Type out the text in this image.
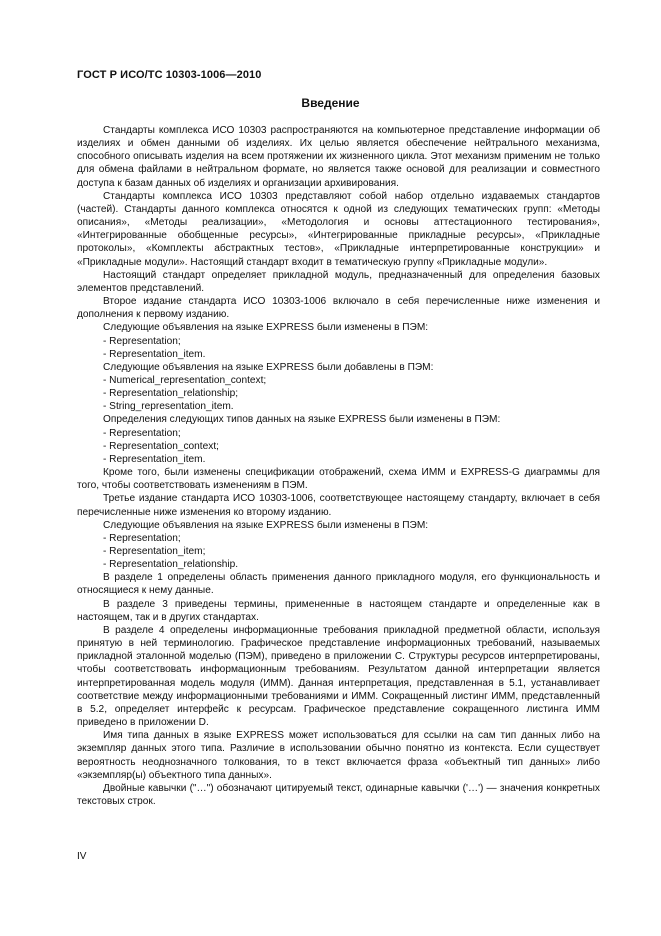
ГОСТ Р ИСО/ТС 10303-1006—2010
Введение

Стандарты комплекса ИСО 10303 распространяются на компьютерное представление информации об изделиях и обмен данными об изделиях. Их целью является обеспечение нейтрального механизма, способного описывать изделия на всем протяжении их жизненного цикла. Этот механизм применим не только для обмена файлами в нейтральном формате, но является также основой для реализации и совместного доступа к базам данных об изделиях и организации архивирования.

Стандарты комплекса ИСО 10303 представляют собой набор отдельно издаваемых стандартов (частей). Стандарты данного комплекса относятся к одной из следующих тематических групп: «Методы описания», «Методы реализации», «Методология и основы аттестационного тестирования», «Интегрированные обобщенные ресурсы», «Интегрированные прикладные ресурсы», «Прикладные протоколы», «Комплекты абстрактных тестов», «Прикладные интерпретированные конструкции» и «Прикладные модули». Настоящий стандарт входит в тематическую группу «Прикладные модули».

Настоящий стандарт определяет прикладной модуль, предназначенный для определения базовых элементов представлений.

Второе издание стандарта ИСО 10303-1006 включало в себя перечисленные ниже изменения и дополнения к первому изданию.

Следующие объявления на языке EXPRESS были изменены в ПЭМ:

- Representation;

- Representation_item.

Следующие объявления на языке EXPRESS были добавлены в ПЭМ:

- Numerical_representation_context;

- Representation_relationship;

- String_representation_item.

Определения следующих типов данных на языке EXPRESS были изменены в ПЭМ:

- Representation;

- Representation_context;

- Representation_item.

Кроме того, были изменены спецификации отображений, схема ИММ и EXPRESS-G диаграммы для того, чтобы соответствовать изменениям в ПЭМ.

Третье издание стандарта ИСО 10303-1006, соответствующее настоящему стандарту, включает в себя перечисленные ниже изменения ко второму изданию.

Следующие объявления на языке EXPRESS были изменены в ПЭМ:

- Representation;

- Representation_item;

- Representation_relationship.

В разделе 1 определены область применения данного прикладного модуля, его функциональность и относящиеся к нему данные.

В разделе 3 приведены термины, примененные в настоящем стандарте и определенные как в настоящем, так и в других стандартах.

В разделе 4 определены информационные требования прикладной предметной области, используя принятую в ней терминологию. Графическое представление информационных требований, называемых прикладной эталонной моделью (ПЭМ), приведено в приложении С. Структуры ресурсов интерпретированы, чтобы соответствовать информационным требованиям. Результатом данной интерпретации является интерпретированная модель модуля (ИММ). Данная интерпретация, представленная в 5.1, устанавливает соответствие между информационными требованиями и ИММ. Сокращенный листинг ИММ, представленный в 5.2, определяет интерфейс к ресурсам. Графическое представление сокращенного листинга ИММ приведено в приложении D.

Имя типа данных в языке EXPRESS может использоваться для ссылки на сам тип данных либо на экземпляр данных этого типа. Различие в использовании обычно понятно из контекста. Если существует вероятность неоднозначного толкования, то в текст включается фраза «объектный тип данных» либо «экземпляр(ы) объектного типа данных».

Двойные кавычки ("…") обозначают цитируемый текст, одинарные кавычки ('…') — значения конкретных текстовых строк.

IV
